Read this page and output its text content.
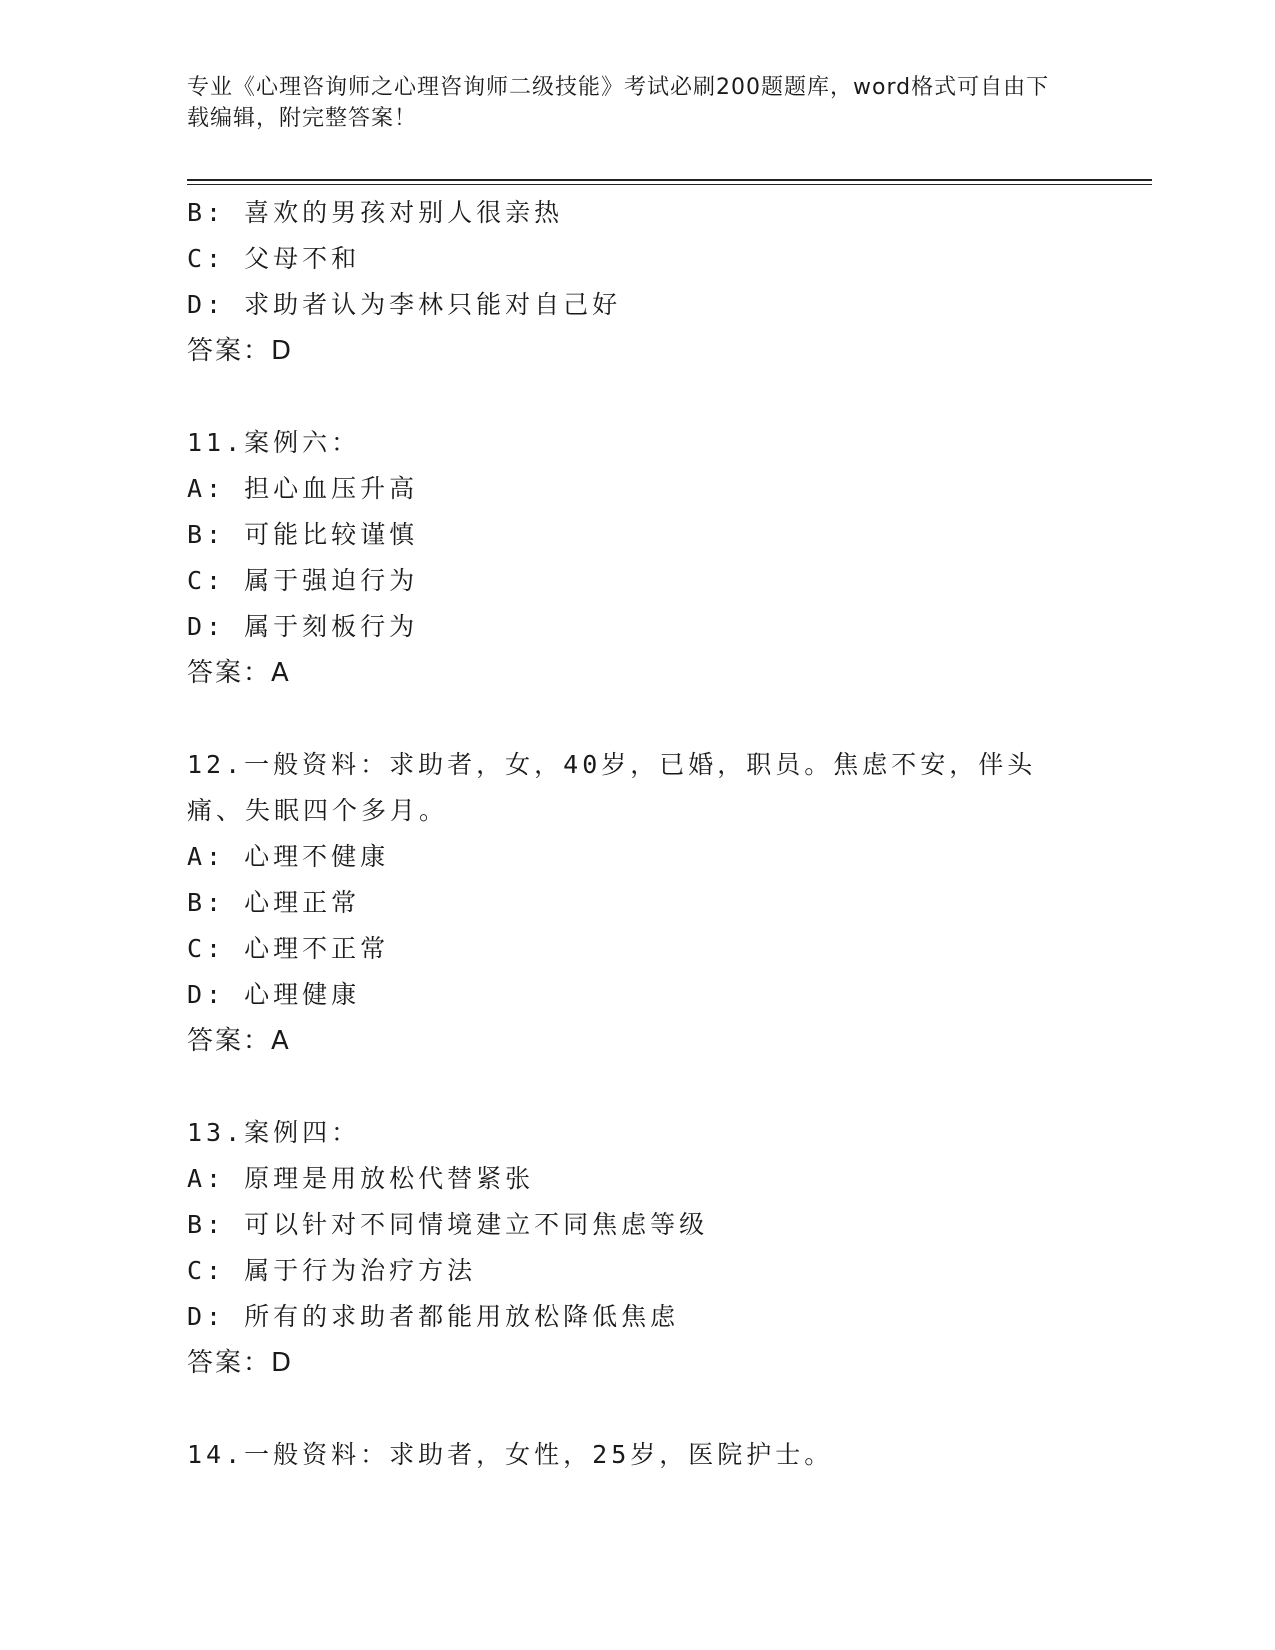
专业《心理咨询师之心理咨询师二级技能》考试必刷200题题库，word格式可自由下载编辑，附完整答案！
B: 喜欢的男孩对别人很亲热
C: 父母不和
D: 求助者认为李林只能对自己好
答案：D
11.案例六：
A: 担心血压升高
B: 可能比较谨慎
C: 属于强迫行为
D: 属于刻板行为
答案：A
12.一般资料：求助者，女，40岁，已婚，职员。焦虑不安，伴头痛、失眠四个多月。
A: 心理不健康
B: 心理正常
C: 心理不正常
D: 心理健康
答案：A
13.案例四：
A: 原理是用放松代替紧张
B: 可以针对不同情境建立不同焦虑等级
C: 属于行为治疗方法
D: 所有的求助者都能用放松降低焦虑
答案：D
14.一般资料：求助者，女性，25岁，医院护士。
